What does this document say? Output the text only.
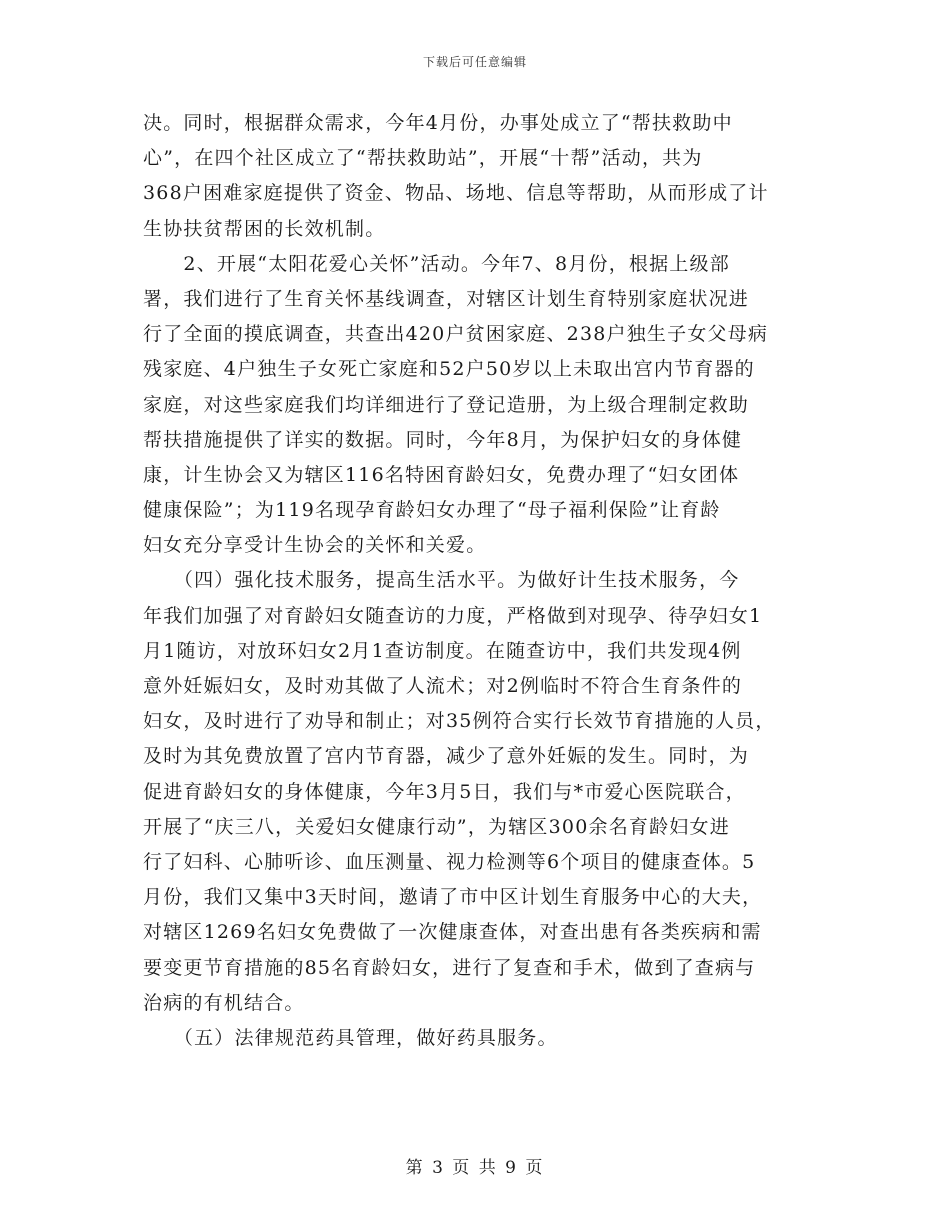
下载后可任意编辑
决。同时，根据群众需求，今年4月份，办事处成立了“帮扶救助中
心”，在四个社区成立了“帮扶救助站”，开展“十帮”活动，共为
368户困难家庭提供了资金、物品、场地、信息等帮助，从而形成了计
生协扶贫帮困的长效机制。
　　2、开展“太阳花爱心关怀”活动。今年7、8月份，根据上级部
署，我们进行了生育关怀基线调查，对辖区计划生育特别家庭状况进
行了全面的摸底调查，共查出420户贫困家庭、238户独生子女父母病
残家庭、4户独生子女死亡家庭和52户50岁以上未取出宫内节育器的
家庭，对这些家庭我们均详细进行了登记造册，为上级合理制定救助
帮扶措施提供了详实的数据。同时，今年8月，为保护妇女的身体健
康，计生协会又为辖区116名特困育龄妇女，免费办理了“妇女团体
健康保险”；为119名现孕育龄妇女办理了“母子福利保险”让育龄
妇女充分享受计生协会的关怀和关爱。
　　（四）强化技术服务，提高生活水平。为做好计生技术服务，今
年我们加强了对育龄妇女随查访的力度，严格做到对现孕、待孕妇女1
月1随访，对放环妇女2月1查访制度。在随查访中，我们共发现4例
意外妊娠妇女，及时劝其做了人流术；对2例临时不符合生育条件的
妇女，及时进行了劝导和制止；对35例符合实行长效节育措施的人员，
及时为其免费放置了宫内节育器，减少了意外妊娠的发生。同时，为
促进育龄妇女的身体健康，今年3月5日，我们与*市爱心医院联合，
开展了“庆三八，关爱妇女健康行动”，为辖区300余名育龄妇女进
行了妇科、心肺听诊、血压测量、视力检测等6个项目的健康查体。5
月份，我们又集中3天时间，邀请了市中区计划生育服务中心的大夫，
对辖区1269名妇女免费做了一次健康查体，对查出患有各类疾病和需
要变更节育措施的85名育龄妇女，进行了复查和手术，做到了查病与
治病的有机结合。
　　（五）法律规范药具管理，做好药具服务。
第 3 页 共 9 页
